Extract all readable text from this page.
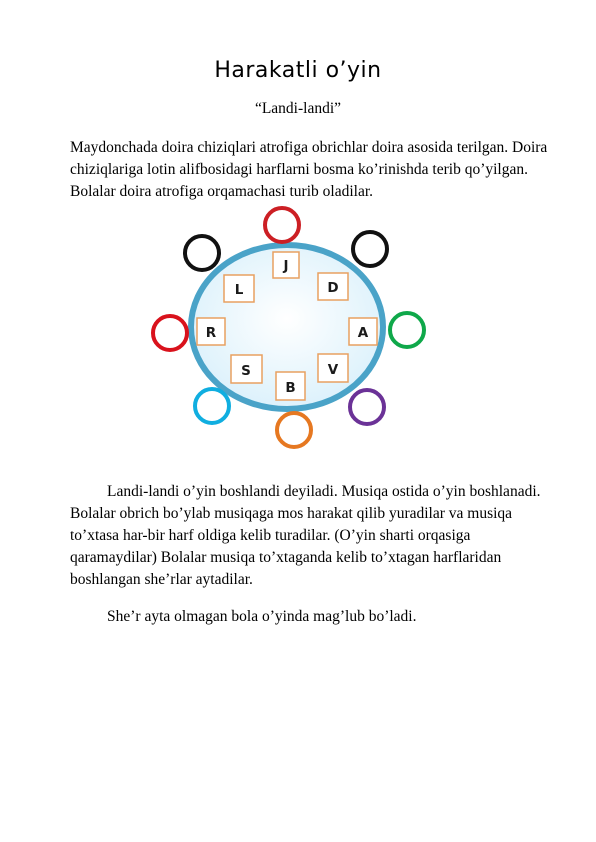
Harakatli o’yin
“Landi-landi”

Maydonchada doira chiziqlari atrofiga obrichlar doira asosida terilgan. Doira chiziqlariga lotin alifbosidagi harflarni bosma ko’rinishda terib qo’yilgan. Bolalar doira atrofiga orqamachasi turib oladilar.

J
D
L
R	A
S	V
B

Landi-landi o’yin boshlandi deyiladi. Musiqa ostida o’yin boshlanadi. Bolalar obrich bo’ylab musiqaga mos harakat qilib yuradilar va musiqa to’xtasa har-bir harf oldiga kelib turadilar. (O’yin sharti orqasiga qaramaydilar) Bolalar musiqa to’xtaganda kelib to’xtagan harflaridan boshlangan she’rlar aytadilar.

She’r ayta olmagan bola o’yinda mag’lub bo’ladi.
